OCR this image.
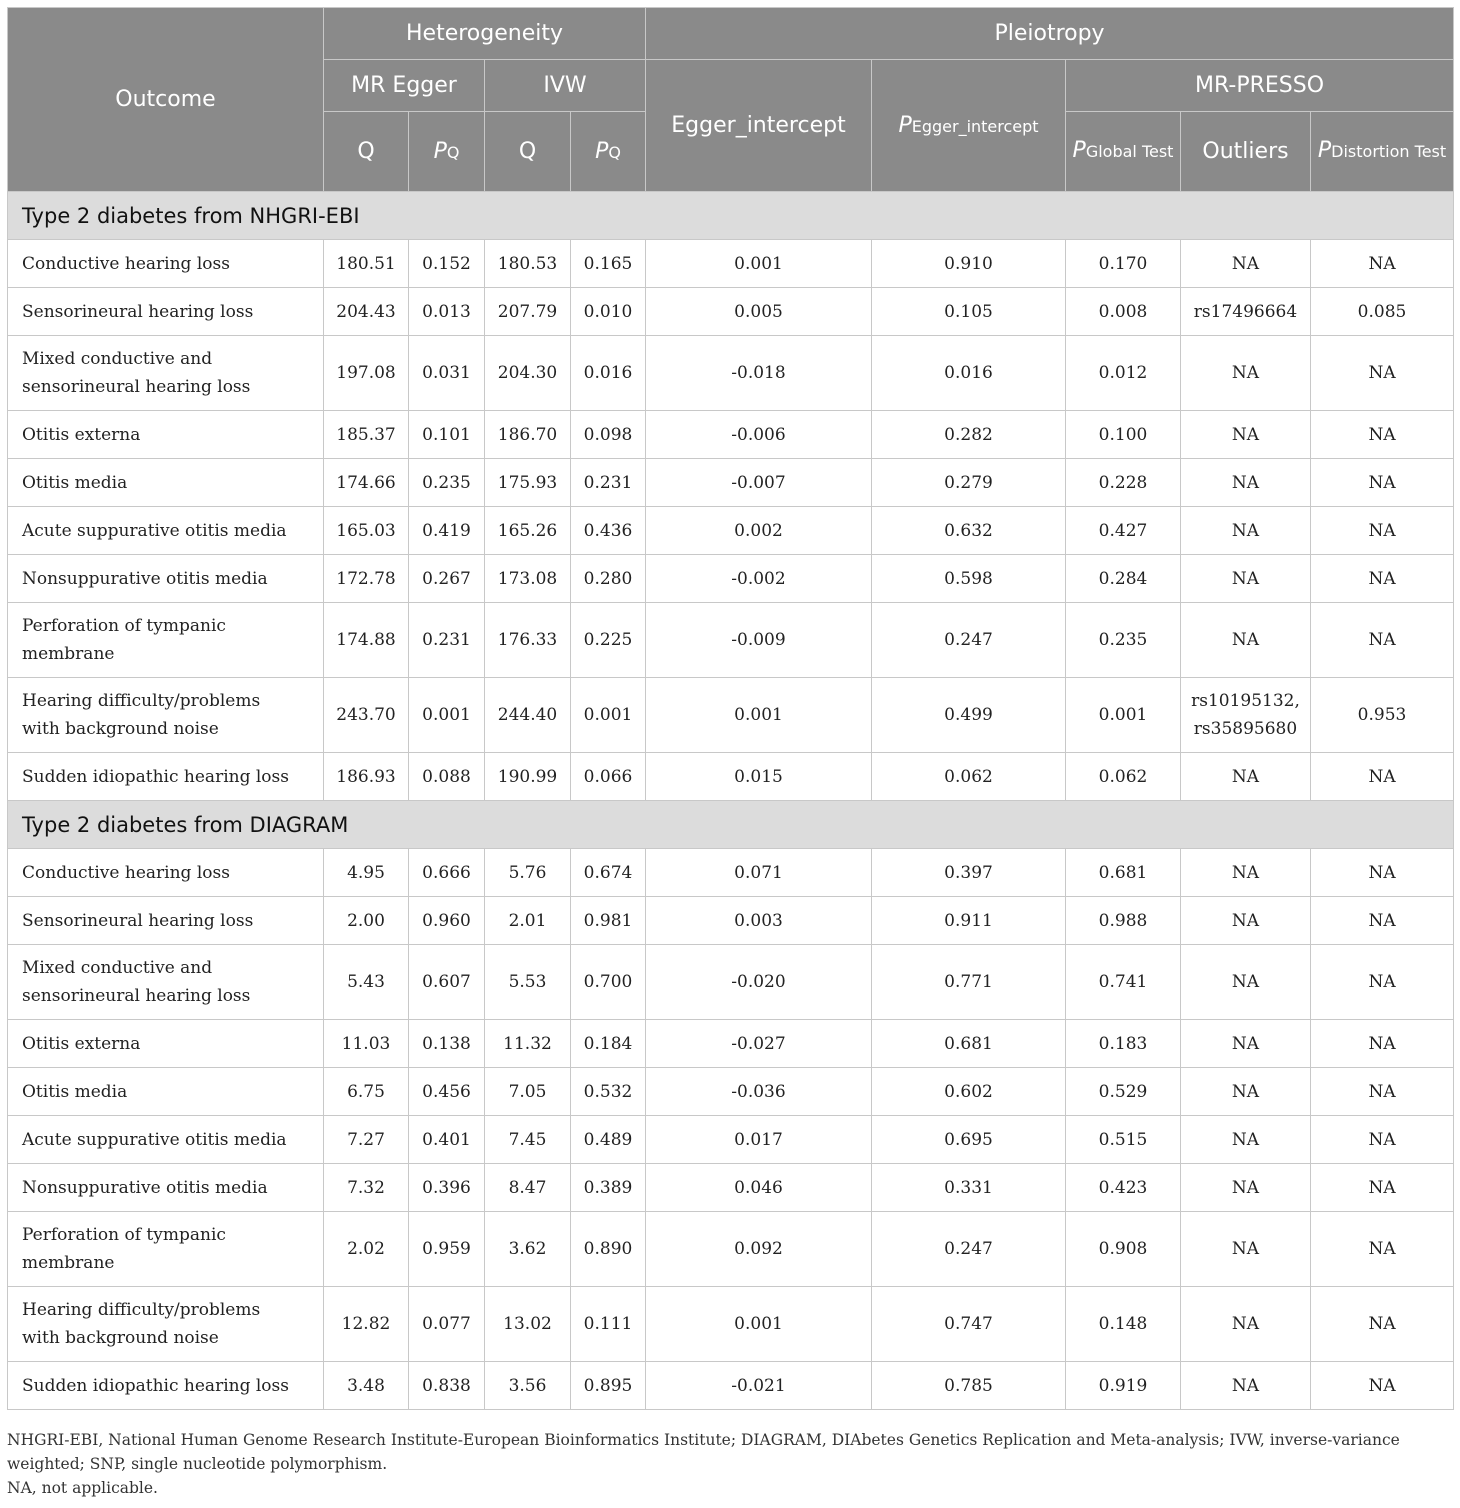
Outcome	Heterogeneity				Pleiotropy				
	MR Egger		IVW		Egger_intercept	PEgger_intercept	MR-PRESSO		
	Q	PQ	Q	PQ			PGlobal Test	Outliers	PDistortion Test
Type 2 diabetes from NHGRI-EBI									
Conductive hearing loss	180.51	0.152	180.53	0.165	0.001	0.910	0.170	NA	NA
Sensorineural hearing loss	204.43	0.013	207.79	0.010	0.005	0.105	0.008	rs17496664	0.085
Mixed conductive and sensorineural hearing loss	197.08	0.031	204.30	0.016	-0.018	0.016	0.012	NA	NA
Otitis externa	185.37	0.101	186.70	0.098	-0.006	0.282	0.100	NA	NA
Otitis media	174.66	0.235	175.93	0.231	-0.007	0.279	0.228	NA	NA
Acute suppurative otitis media	165.03	0.419	165.26	0.436	0.002	0.632	0.427	NA	NA
Nonsuppurative otitis media	172.78	0.267	173.08	0.280	-0.002	0.598	0.284	NA	NA
Perforation of tympanic membrane	174.88	0.231	176.33	0.225	-0.009	0.247	0.235	NA	NA
Hearing difficulty/problems with background noise	243.70	0.001	244.40	0.001	0.001	0.499	0.001	rs10195132, rs35895680	0.953
Sudden idiopathic hearing loss	186.93	0.088	190.99	0.066	0.015	0.062	0.062	NA	NA
Type 2 diabetes from DIAGRAM									
Conductive hearing loss	4.95	0.666	5.76	0.674	0.071	0.397	0.681	NA	NA
Sensorineural hearing loss	2.00	0.960	2.01	0.981	0.003	0.911	0.988	NA	NA
Mixed conductive and sensorineural hearing loss	5.43	0.607	5.53	0.700	-0.020	0.771	0.741	NA	NA
Otitis externa	11.03	0.138	11.32	0.184	-0.027	0.681	0.183	NA	NA
Otitis media	6.75	0.456	7.05	0.532	-0.036	0.602	0.529	NA	NA
Acute suppurative otitis media	7.27	0.401	7.45	0.489	0.017	0.695	0.515	NA	NA
Nonsuppurative otitis media	7.32	0.396	8.47	0.389	0.046	0.331	0.423	NA	NA
Perforation of tympanic membrane	2.02	0.959	3.62	0.890	0.092	0.247	0.908	NA	NA
Hearing difficulty/problems with background noise	12.82	0.077	13.02	0.111	0.001	0.747	0.148	NA	NA
Sudden idiopathic hearing loss	3.48	0.838	3.56	0.895	-0.021	0.785	0.919	NA	NA
NHGRI-EBI, National Human Genome Research Institute-European Bioinformatics Institute; DIAGRAM, DIAbetes Genetics Replication and Meta-analysis; IVW, inverse-variance weighted; SNP, single nucleotide polymorphism.
NA, not applicable.
